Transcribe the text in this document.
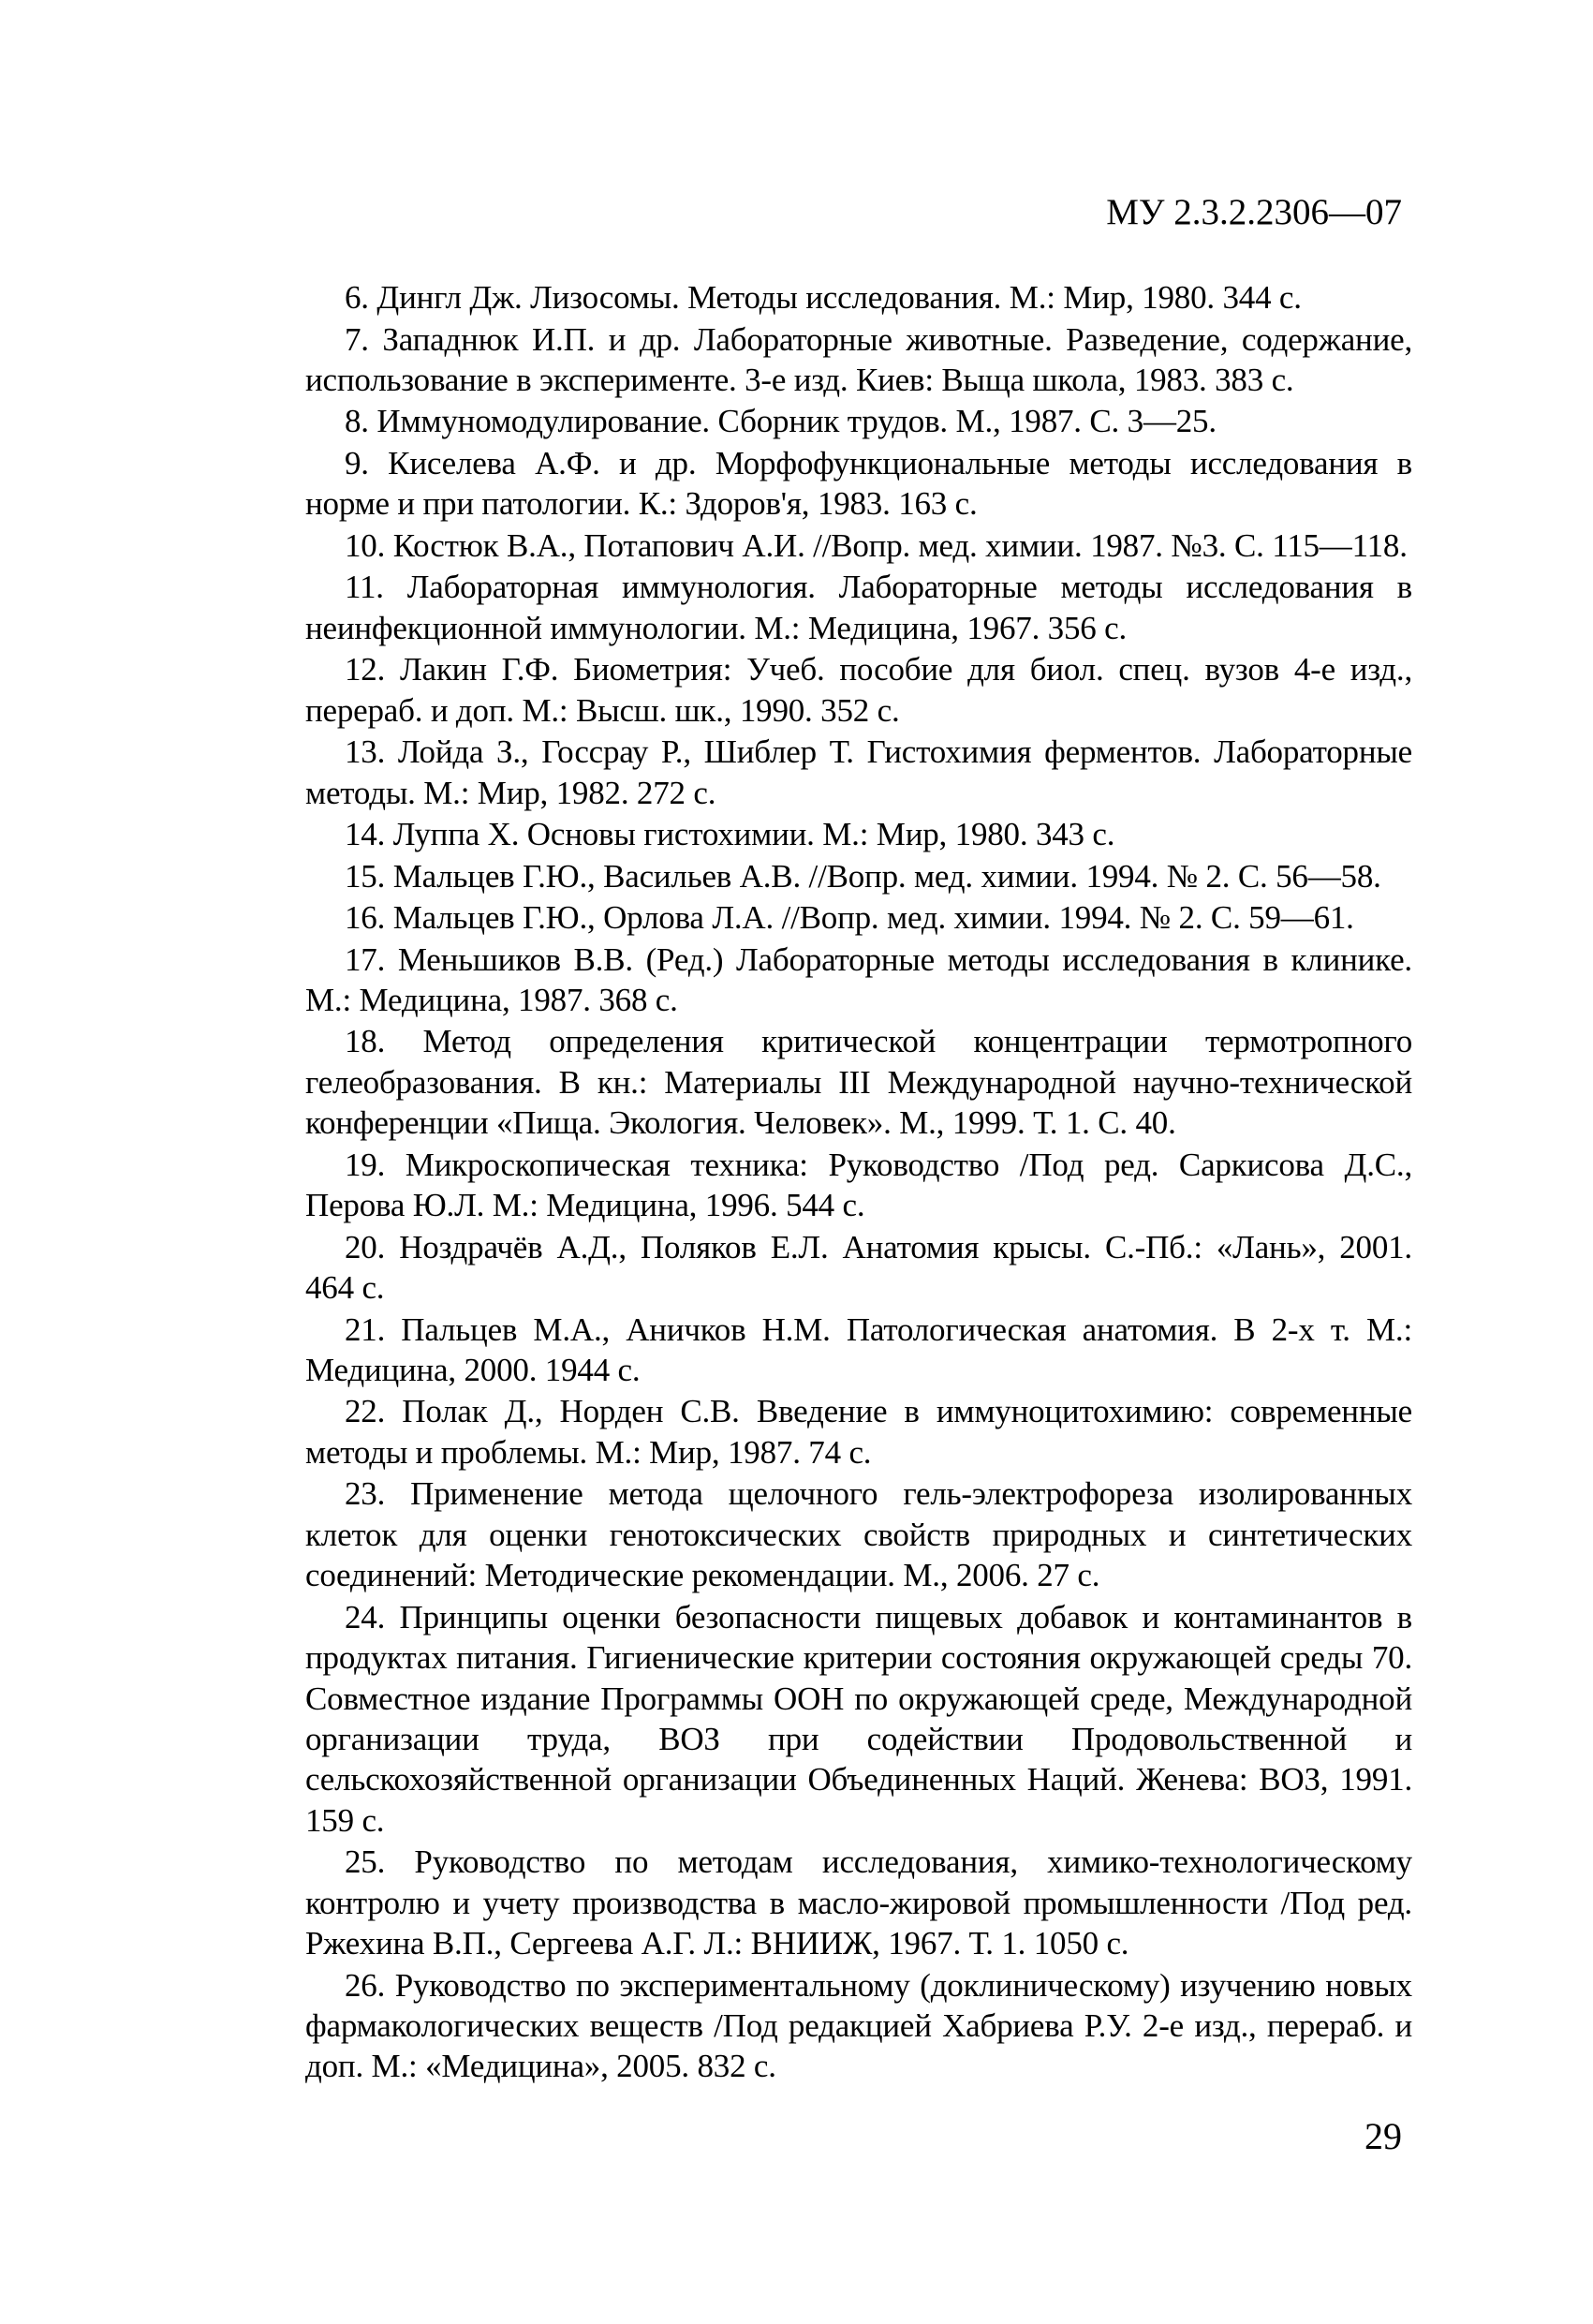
МУ 2.3.2.2306—07

6. Дингл Дж. Лизосомы. Методы исследования. М.: Мир, 1980. 344 с.

7. Западнюк И.П. и др. Лабораторные животные. Разведение, содержание, использование в эксперименте. 3-е изд. Киев: Выща школа, 1983. 383 с.

8. Иммуномодулирование. Сборник трудов. М., 1987. С. 3—25.

9. Киселева А.Ф. и др. Морфофункциональные методы исследования в норме и при патологии. К.: Здоров'я, 1983. 163 с.

10. Костюк В.А., Потапович А.И. //Вопр. мед. химии. 1987. №3. С. 115—118.

11. Лабораторная иммунология. Лабораторные методы исследования в неинфекционной иммунологии. М.: Медицина, 1967. 356 с.

12. Лакин Г.Ф. Биометрия: Учеб. пособие для биол. спец. вузов 4-е изд., перераб. и доп. М.: Высш. шк., 1990. 352 с.

13. Лойда З., Госсрау Р., Шиблер Т. Гистохимия ферментов. Лабораторные методы. М.: Мир, 1982. 272 с.

14. Луппа Х. Основы гистохимии. М.: Мир, 1980. 343 с.

15. Мальцев Г.Ю., Васильев А.В. //Вопр. мед. химии. 1994. № 2. С. 56—58.

16. Мальцев Г.Ю., Орлова Л.А. //Вопр. мед. химии. 1994. № 2. С. 59—61.

17. Меньшиков В.В. (Ред.) Лабораторные методы исследования в клинике. М.: Медицина, 1987. 368 с.

18. Метод определения критической концентрации термотропного гелеобразования. В кн.: Материалы III Международной научно-технической конференции «Пища. Экология. Человек». М., 1999. Т. 1. С. 40.

19. Микроскопическая техника: Руководство /Под ред. Саркисова Д.С., Перова Ю.Л. М.: Медицина, 1996. 544 с.

20. Ноздрачёв А.Д., Поляков Е.Л. Анатомия крысы. С.-Пб.: «Лань», 2001. 464 с.

21. Пальцев М.А., Аничков Н.М. Патологическая анатомия. В 2-х т. М.: Медицина, 2000. 1944 с.

22. Полак Д., Норден С.В. Введение в иммуноцитохимию: современные методы и проблемы. М.: Мир, 1987. 74 с.

23. Применение метода щелочного гель-электрофореза изолированных клеток для оценки генотоксических свойств природных и синтетических соединений: Методические рекомендации. М., 2006. 27 с.

24. Принципы оценки безопасности пищевых добавок и контаминантов в продуктах питания. Гигиенические критерии состояния окружающей среды 70. Совместное издание Программы ООН по окружающей среде, Международной организации труда, ВОЗ при содействии Продовольственной и сельскохозяйственной организации Объединенных Наций. Женева: ВОЗ, 1991. 159 с.

25. Руководство по методам исследования, химико-технологическому контролю и учету производства в масло-жировой промышленности /Под ред. Ржехина В.П., Сергеева А.Г. Л.: ВНИИЖ, 1967. Т. 1. 1050 с.

26. Руководство по экспериментальному (доклиническому) изучению новых фармакологических веществ /Под редакцией Хабриева Р.У. 2-е изд., перераб. и доп. М.: «Медицина», 2005. 832 с.

29
